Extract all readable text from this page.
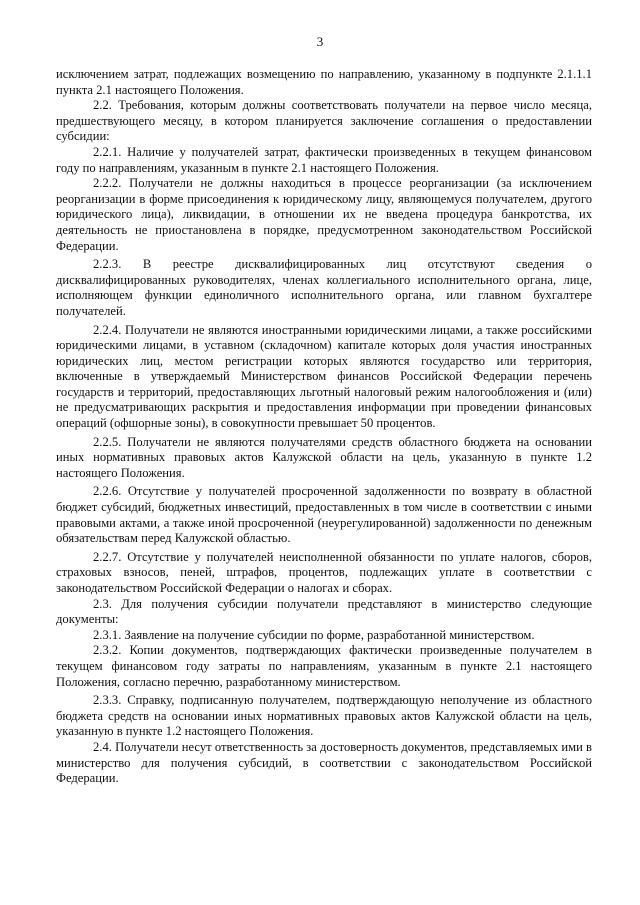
3

исключением затрат, подлежащих возмещению по направлению, указанному в подпункте 2.1.1.1 пункта 2.1 настоящего Положения.

2.2. Требования, которым должны соответствовать получатели на первое число месяца, предшествующего месяцу, в котором планируется заключение соглашения о предоставлении субсидии:

2.2.1. Наличие у получателей затрат, фактически произведенных в текущем финансовом году по направлениям, указанным в пункте 2.1 настоящего Положения.

2.2.2. Получатели не должны находиться в процессе реорганизации (за исключением реорганизации в форме присоединения к юридическому лицу, являющемуся получателем, другого юридического лица), ликвидации, в отношении их не введена процедура банкротства, их деятельность не приостановлена в порядке, предусмотренном законодательством Российской Федерации.

2.2.3. В реестре дисквалифицированных лиц отсутствуют сведения о дисквалифицированных руководителях, членах коллегиального исполнительного органа, лице, исполняющем функции единоличного исполнительного органа, или главном бухгалтере получателей.

2.2.4. Получатели не являются иностранными юридическими лицами, а также российскими юридическими лицами, в уставном (складочном) капитале которых доля участия иностранных юридических лиц, местом регистрации которых являются государство или территория, включенные в утверждаемый Министерством финансов Российской Федерации перечень государств и территорий, предоставляющих льготный налоговый режим налогообложения и (или) не предусматривающих раскрытия и предоставления информации при проведении финансовых операций (офшорные зоны), в совокупности превышает 50 процентов.

2.2.5. Получатели не являются получателями средств областного бюджета на основании иных нормативных правовых актов Калужской области на цель, указанную в пункте 1.2 настоящего Положения.

2.2.6. Отсутствие у получателей просроченной задолженности по возврату в областной бюджет субсидий, бюджетных инвестиций, предоставленных в том числе в соответствии с иными правовыми актами, а также иной просроченной (неурегулированной) задолженности по денежным обязательствам перед Калужской областью.

2.2.7. Отсутствие у получателей неисполненной обязанности по уплате налогов, сборов, страховых взносов, пеней, штрафов, процентов, подлежащих уплате в соответствии с законодательством Российской Федерации о налогах и сборах.

2.3. Для получения субсидии получатели представляют в министерство следующие документы:

2.3.1. Заявление на получение субсидии по форме, разработанной министерством.

2.3.2. Копии документов, подтверждающих фактически произведенные получателем в текущем финансовом году затраты по направлениям, указанным в пункте 2.1 настоящего Положения, согласно перечню, разработанному министерством.

2.3.3. Справку, подписанную получателем, подтверждающую неполучение из областного бюджета средств на основании иных нормативных правовых актов Калужской области на цель, указанную в пункте 1.2 настоящего Положения.

2.4. Получатели несут ответственность за достоверность документов, представляемых ими в министерство для получения субсидий, в соответствии с законодательством Российской Федерации.
